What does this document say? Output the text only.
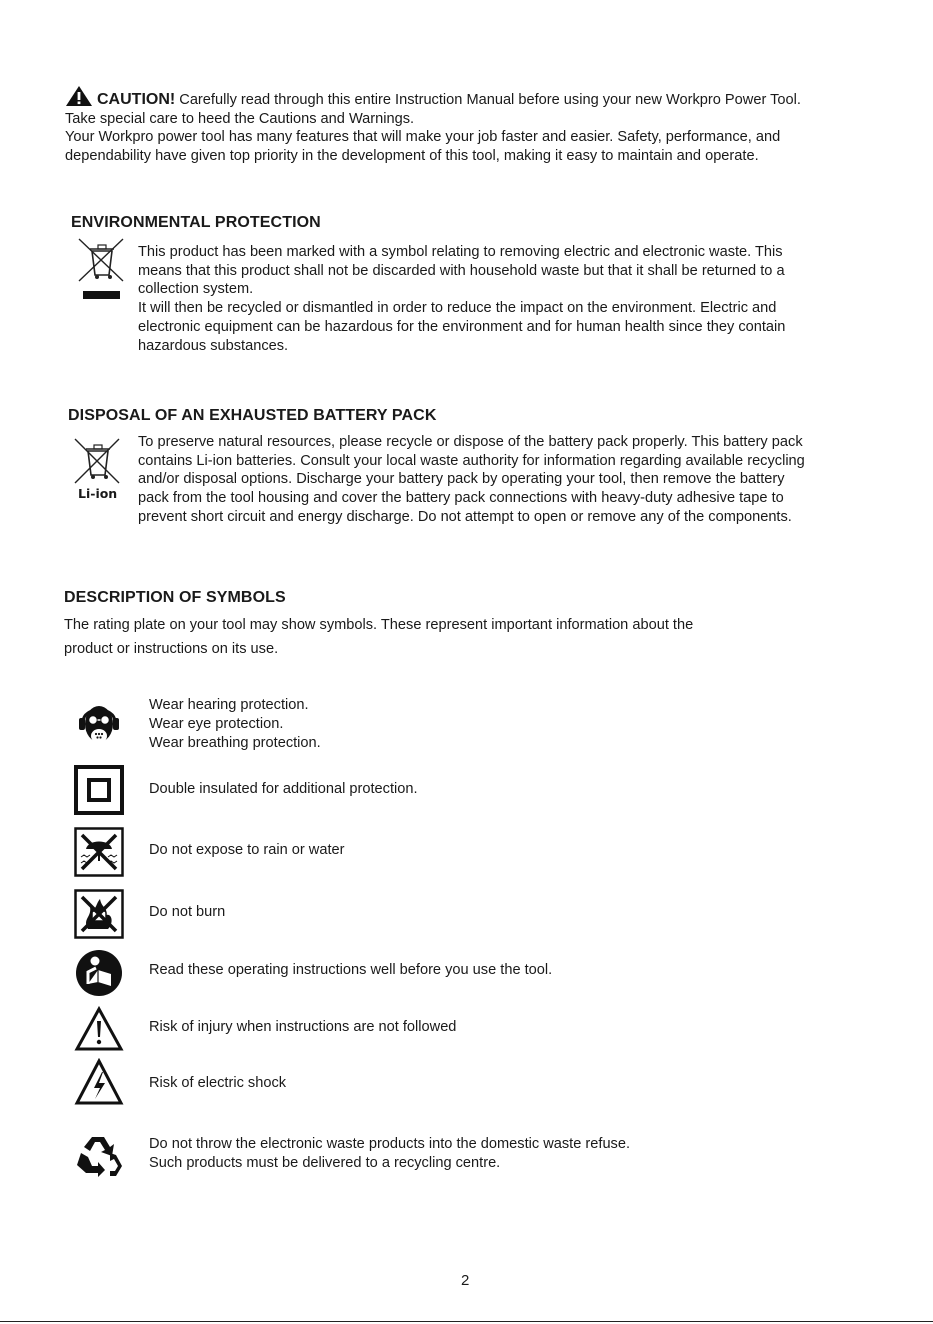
CAUTION! Carefully read through this entire Instruction Manual before using your new Workpro Power Tool.
Take special care to heed the Cautions and Warnings.
Your Workpro power tool has many features that will make your job faster and easier. Safety, performance, and
dependability have given top priority in the development of this tool, making it easy to maintain and operate.
ENVIRONMENTAL PROTECTION
This product has been marked with a symbol relating to removing electric and electronic waste. This
means that this product shall not be discarded with household waste but that it shall be returned to a
collection system.
It will then be recycled or dismantled in order to reduce the impact on the environment. Electric and
electronic equipment can be hazardous for the environment and for human health since they contain
hazardous substances.
DISPOSAL OF AN EXHAUSTED BATTERY PACK
Li-ion
To preserve natural resources, please recycle or dispose of the battery pack properly. This battery pack
contains Li-ion batteries. Consult your local waste authority for information regarding available recycling
and/or disposal options. Discharge your battery pack by operating your tool, then remove the battery
pack from the tool housing and cover the battery pack connections with heavy-duty adhesive tape to
prevent short circuit and energy discharge. Do not attempt to open or remove any of the components.
DESCRIPTION OF SYMBOLS
The rating plate on your tool may show symbols. These represent important information about the
product or instructions on its use.
Wear hearing protection.
Wear eye protection.
Wear breathing protection.
Double insulated for additional protection.
Do not expose to rain or water
Do not burn
Read these operating instructions well before you use the tool.
Risk of injury when instructions are not followed
Risk of electric shock
Do not throw the electronic waste products into the domestic waste refuse.
Such products must be delivered to a recycling centre.
2
